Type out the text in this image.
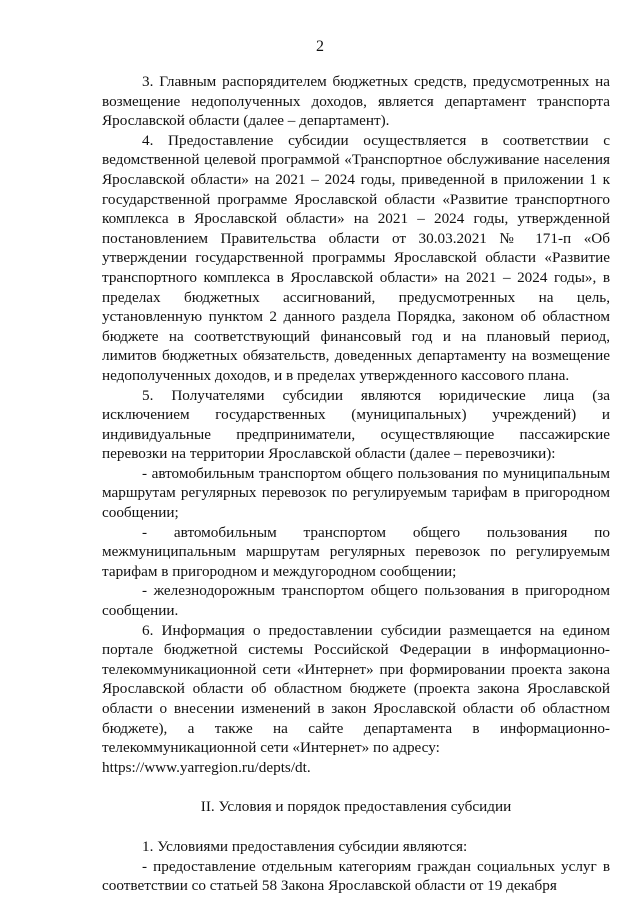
2

3. Главным распорядителем бюджетных средств, предусмотренных на возмещение недополученных доходов, является департамент транспорта Ярославской области (далее – департамент).

4. Предоставление субсидии осуществляется в соответствии с ведомственной целевой программой «Транспортное обслуживание населения Ярославской области» на 2021 – 2024 годы, приведенной в приложении 1 к государственной программе Ярославской области «Развитие транспортного комплекса в Ярославской области» на 2021 – 2024 годы, утвержденной постановлением Правительства области от 30.03.2021 № 171-п «Об утверждении государственной программы Ярославской области «Развитие транспортного комплекса в Ярославской области» на 2021 – 2024 годы», в пределах бюджетных ассигнований, предусмотренных на цель, установленную пунктом 2 данного раздела Порядка, законом об областном бюджете на соответствующий финансовый год и на плановый период, лимитов бюджетных обязательств, доведенных департаменту на возмещение недополученных доходов, и в пределах утвержденного кассового плана.

5. Получателями субсидии являются юридические лица (за исключением государственных (муниципальных) учреждений) и индивидуальные предприниматели, осуществляющие пассажирские перевозки на территории Ярославской области (далее – перевозчики):

- автомобильным транспортом общего пользования по муниципальным маршрутам регулярных перевозок по регулируемым тарифам в пригородном сообщении;

- автомобильным транспортом общего пользования по межмуниципальным маршрутам регулярных перевозок по регулируемым тарифам в пригородном и междугородном сообщении;

- железнодорожным транспортом общего пользования в пригородном сообщении.

6. Информация о предоставлении субсидии размещается на едином портале бюджетной системы Российской Федерации в информационно-телекоммуникационной сети «Интернет» при формировании проекта закона Ярославской области об областном бюджете (проекта закона Ярославской области о внесении изменений в закон Ярославской области об областном бюджете), а также на сайте департамента в информационно-телекоммуникационной сети «Интернет» по адресу:

https://www.yarregion.ru/depts/dt.

II. Условия и порядок предоставления субсидии

1. Условиями предоставления субсидии являются:

- предоставление отдельным категориям граждан социальных услуг в соответствии со статьей 58 Закона Ярославской области от 19 декабря
